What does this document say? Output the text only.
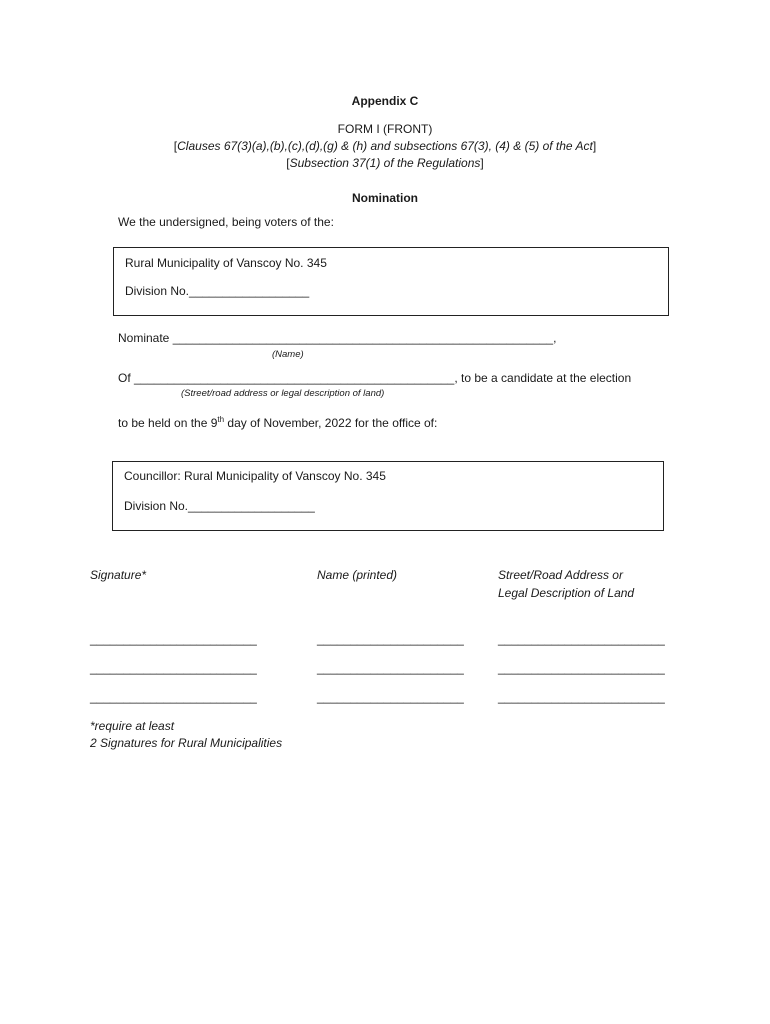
Appendix C
FORM I (FRONT)
[Clauses 67(3)(a),(b),(c),(d),(g) & (h) and subsections 67(3), (4) & (5) of the Act]
[Subsection 37(1) of the Regulations]
Nomination
We the undersigned, being voters of the:
Rural Municipality of Vanscoy No. 345
Division No.__________________
Nominate _________________________________________________________,
(Name)
Of ________________________________________________, to be a candidate at the election
(Street/road address or legal description of land)
to be held on the 9th day of November, 2022 for the office of:
Councillor: Rural Municipality of Vanscoy No. 345
Division No.___________________
Signature*	Name (printed)	Street/Road Address or
Legal Description of Land
_________________________	______________________	_________________________
_________________________	______________________	_________________________
_________________________	______________________	_________________________
*require at least
2 Signatures for Rural Municipalities
